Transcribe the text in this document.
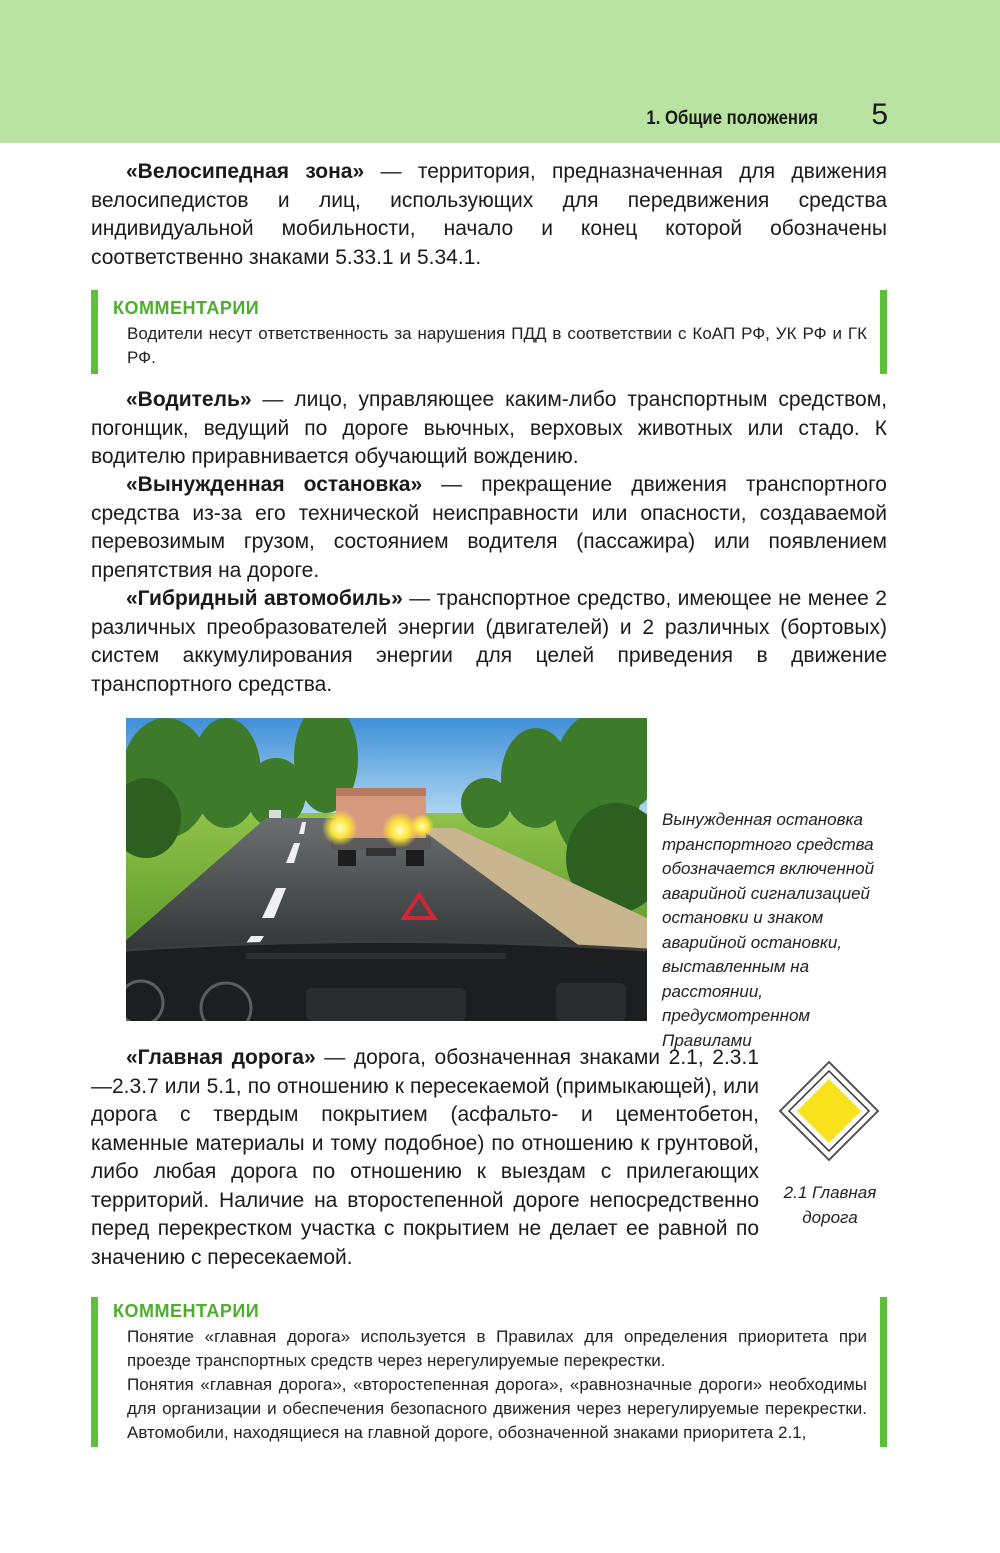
1. Общие положения 5

«Велосипедная зона» — территория, предназначенная для движения велосипедистов и лиц, использующих для передвижения средства индивидуальной мобильности, начало и конец которой обозначены соответственно знаками 5.33.1 и 5.34.1.

КОММЕНТАРИИ

Водители несут ответственность за нарушения ПДД в соответствии с КоАП РФ, УК РФ и ГК РФ.

«Водитель» — лицо, управляющее каким-либо транспортным средством, погонщик, ведущий по дороге вьючных, верховых животных или стадо. К водителю приравнивается обучающий вождению.

«Вынужденная остановка» — прекращение движения транспортного средства из-за его технической неисправности или опасности, создаваемой перевозимым грузом, состоянием водителя (пассажира) или появлением препятствия на дороге.

«Гибридный автомобиль» — транспортное средство, имеющее не менее 2 различных преобразователей энергии (двигателей) и 2 различных (бортовых) систем аккумулирования энергии для целей приведения в движение транспортного средства.

Вынужденная остановка транспортного средства обозначается включенной аварийной сигнализацией остановки и знаком аварийной остановки, выставленным на расстоянии, предусмотренном Правилами

«Главная дорога» — дорога, обозначенная знаками 2.1, 2.3.1—2.3.7 или 5.1, по отношению к пересекаемой (примыкающей), или дорога с твердым покрытием (асфальто- и цементобетон, каменные материалы и тому подобное) по отношению к грунтовой, либо любая дорога по отношению к выездам с прилегающих территорий. Наличие на второстепенной дороге непосредственно перед перекрестком участка с покрытием не делает ее равной по значению с пересекаемой.

2.1 Главная дорога
КОММЕНТАРИИ

Понятие «главная дорога» используется в Правилах для определения приоритета при проезде транспортных средств через нерегулируемые перекрестки.

Понятия «главная дорога», «второстепенная дорога», «равнозначные дороги» необходимы для организации и обеспечения безопасного движения через нерегулируемые перекрестки. Автомобили, находящиеся на главной дороге, обозначенной знаками приоритета 2.1,
